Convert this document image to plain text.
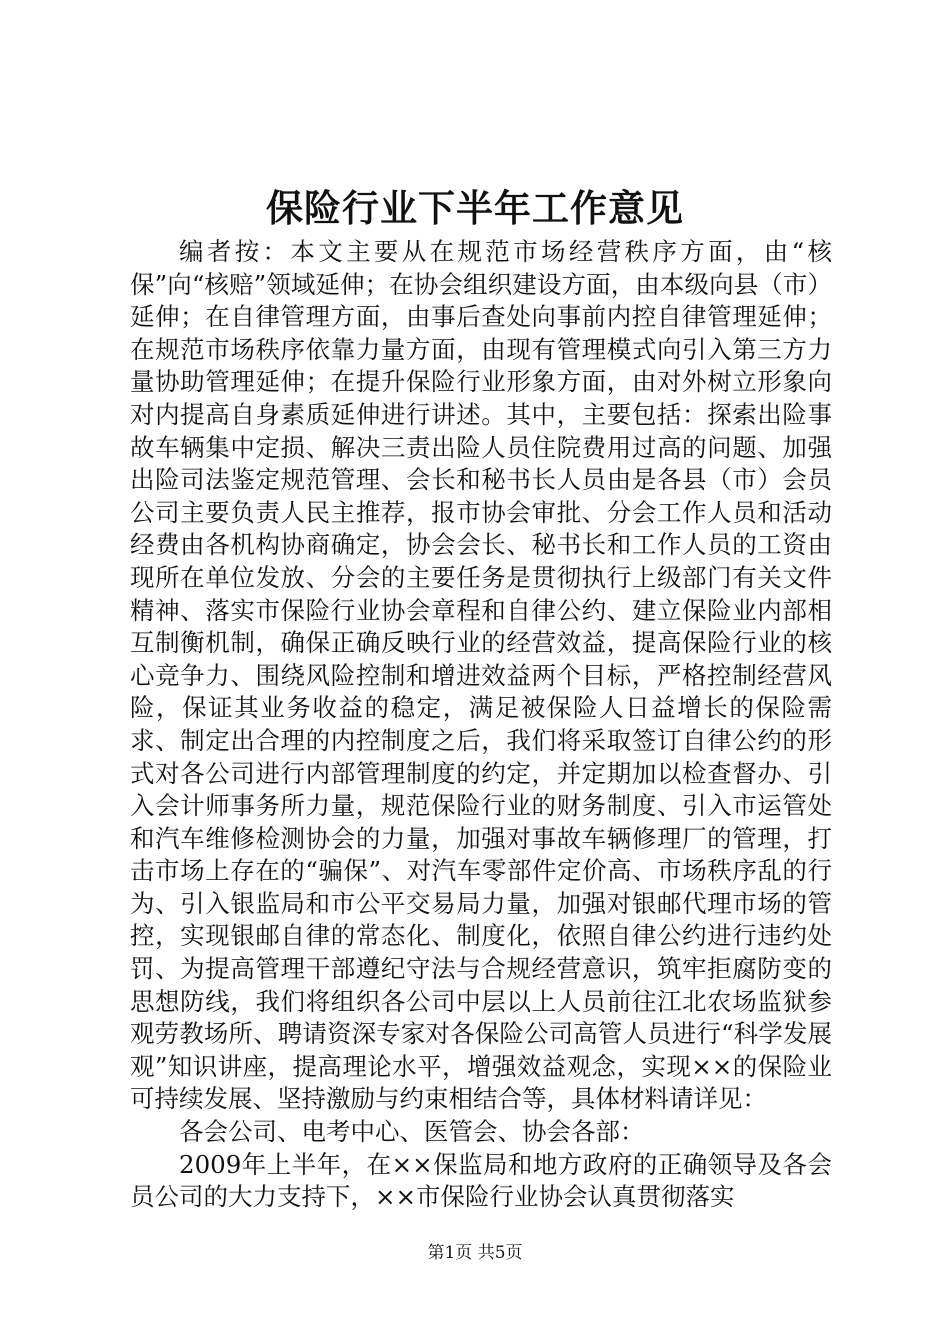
保险行业下半年工作意见

编者按：本文主要从在规范市场经营秩序方面，由“核保”向“核赔”领域延伸；在协会组织建设方面，由本级向县（市）延伸；在自律管理方面，由事后查处向事前内控自律管理延伸；在规范市场秩序依靠力量方面，由现有管理模式向引入第三方力量协助管理延伸；在提升保险行业形象方面，由对外树立形象向对内提高自身素质延伸进行讲述。其中，主要包括：探索出险事故车辆集中定损、解决三责出险人员住院费用过高的问题、加强出险司法鉴定规范管理、会长和秘书长人员由是各县（市）会员公司主要负责人民主推荐，报市协会审批、分会工作人员和活动经费由各机构协商确定，协会会长、秘书长和工作人员的工资由现所在单位发放、分会的主要任务是贯彻执行上级部门有关文件精神、落实市保险行业协会章程和自律公约、建立保险业内部相互制衡机制，确保正确反映行业的经营效益，提高保险行业的核心竞争力、围绕风险控制和增进效益两个目标，严格控制经营风险，保证其业务收益的稳定，满足被保险人日益增长的保险需求、制定出合理的内控制度之后，我们将采取签订自律公约的形式对各公司进行内部管理制度的约定，并定期加以检查督办、引入会计师事务所力量，规范保险行业的财务制度、引入市运管处和汽车维修检测协会的力量，加强对事故车辆修理厂的管理，打击市场上存在的“骗保”、对汽车零部件定价高、市场秩序乱的行为、引入银监局和市公平交易局力量，加强对银邮代理市场的管控，实现银邮自律的常态化、制度化，依照自律公约进行违约处罚、为提高管理干部遵纪守法与合规经营意识，筑牢拒腐防变的思想防线，我们将组织各公司中层以上人员前往江北农场监狱参观劳教场所、聘请资深专家对各保险公司高管人员进行“科学发展观”知识讲座，提高理论水平，增强效益观念，实现××的保险业可持续发展、坚持激励与约束相结合等，具体材料请详见：

各会公司、电考中心、医管会、协会各部：

2009年上半年，在××保监局和地方政府的正确领导及各会员公司的大力支持下，××市保险行业协会认真贯彻落实

第1页 共5页
